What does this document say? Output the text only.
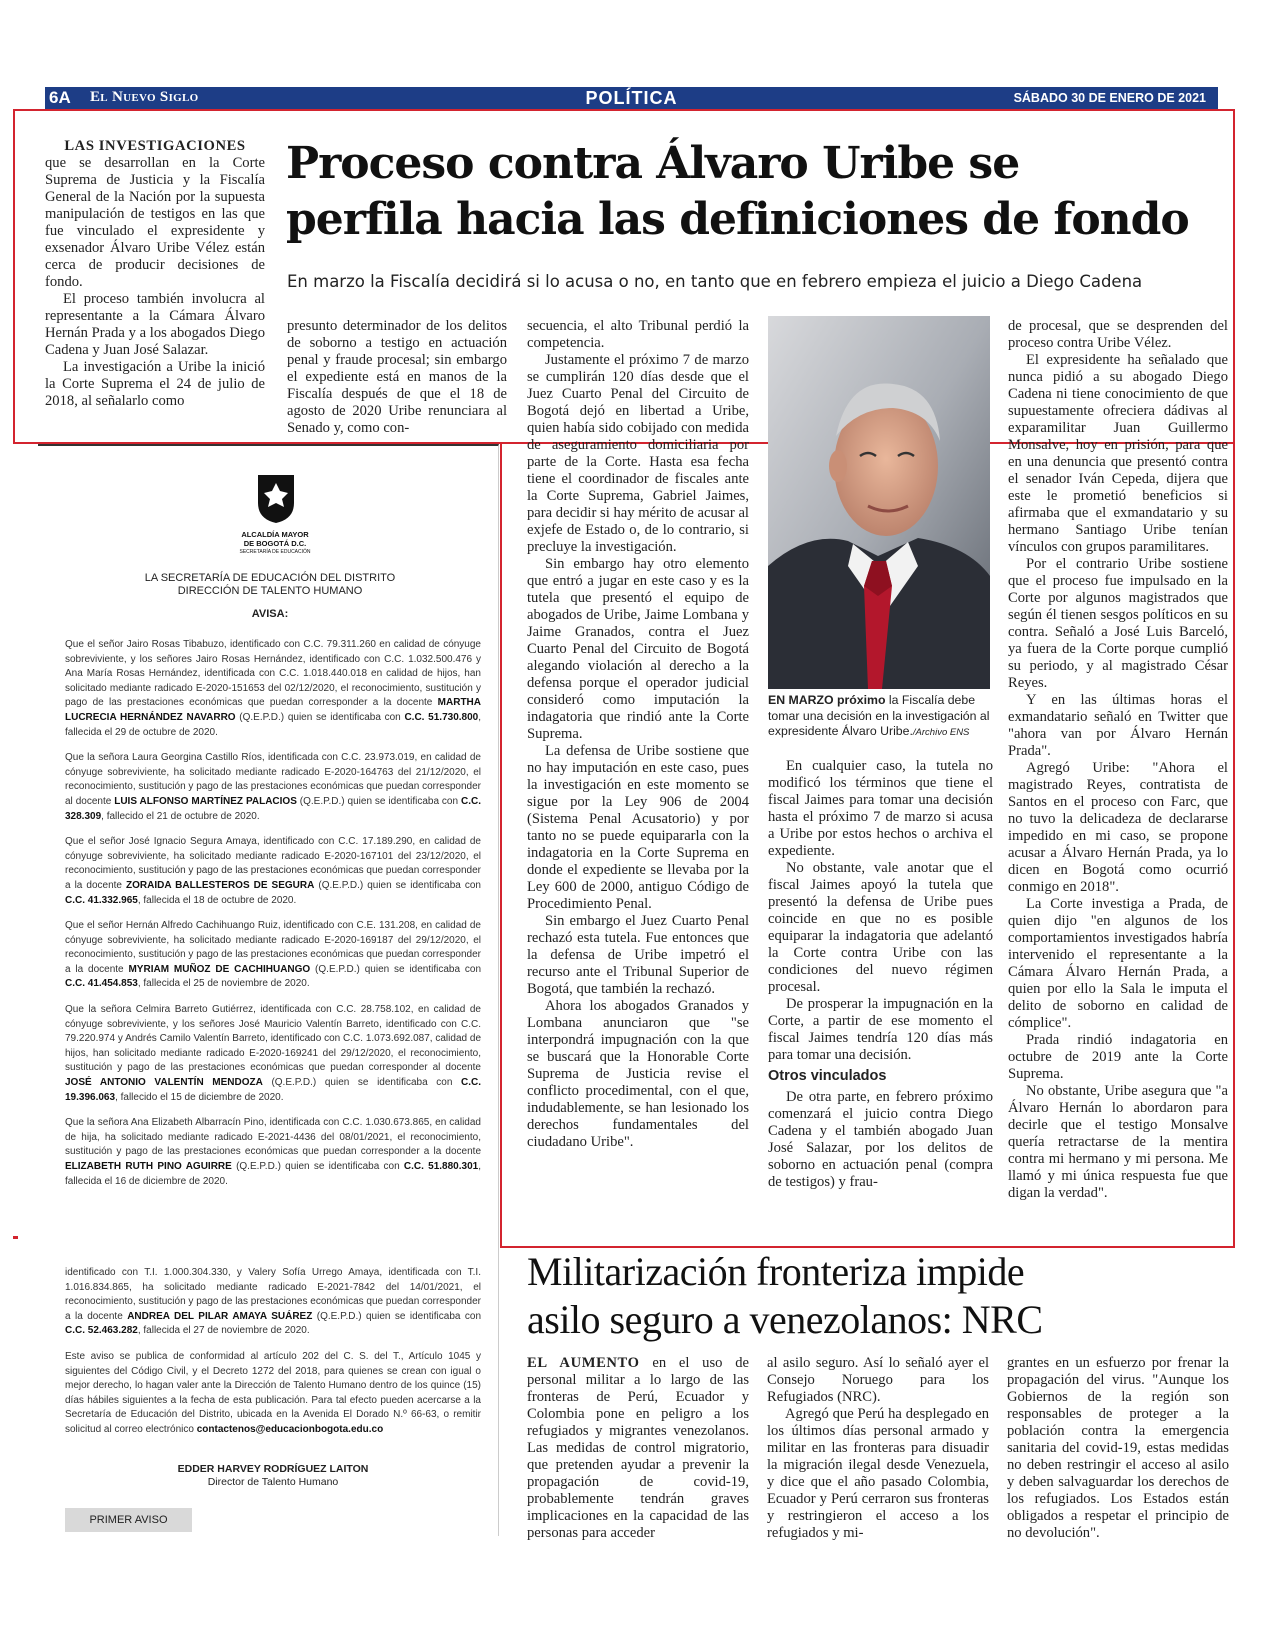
6A El Nuevo Siglo	POLÍTICA	SÁBADO 30 DE ENERO DE 2021
Proceso contra Álvaro Uribe se
perfila hacia las definiciones de fondo
En marzo la Fiscalía decidirá si lo acusa o no, en tanto que en febrero empieza el juicio a Diego Cadena

LAS INVESTIGACIONES

que se desarrollan en la Corte Suprema de Justicia y la Fiscalía General de la Nación por la supuesta manipulación de testigos en las que fue vinculado el expresidente y exsenador Álvaro Uribe Vélez están cerca de producir decisiones de fondo.

El proceso también involucra al representante a la Cámara Álvaro Hernán Prada y a los abogados Diego Cadena y Juan José Salazar.

La investigación a Uribe la inició la Corte Suprema el 24 de julio de 2018, al señalarlo como

presunto determinador de los delitos de soborno a testigo en actuación penal y fraude procesal; sin embargo el expediente está en manos de la Fiscalía después de que el 18 de agosto de 2020 Uribe renunciara al Senado y, como con-

secuencia, el alto Tribunal perdió la competencia.

Justamente el próximo 7 de marzo se cumplirán 120 días desde que el Juez Cuarto Penal del Circuito de Bogotá dejó en libertad a Uribe, quien había sido cobijado con medida de aseguramiento domiciliaria por parte de la Corte. Hasta esa fecha tiene el coordinador de fiscales ante la Corte Suprema, Gabriel Jaimes, para decidir si hay mérito de acusar al exjefe de Estado o, de lo contrario, si precluye la investigación.

Sin embargo hay otro elemento que entró a jugar en este caso y es la tutela que presentó el equipo de abogados de Uribe, Jaime Lombana y Jaime Granados, contra el Juez Cuarto Penal del Circuito de Bogotá alegando violación al derecho a la defensa porque el operador judicial consideró como imputación la indagatoria que rindió ante la Corte Suprema.

La defensa de Uribe sostiene que no hay imputación en este caso, pues la investigación en este momento se sigue por la Ley 906 de 2004 (Sistema Penal Acusatorio) y por tanto no se puede equipararla con la indagatoria en la Corte Suprema en donde el expediente se llevaba por la Ley 600 de 2000, antiguo Código de Procedimiento Penal.

Sin embargo el Juez Cuarto Penal rechazó esta tutela. Fue entonces que la defensa de Uribe impetró el recurso ante el Tribunal Superior de Bogotá, que también la rechazó.

Ahora los abogados Granados y Lombana anunciaron que "se interpondrá impugnación con la que se buscará que la Honorable Corte Suprema de Justicia revise el conflicto procedimental, con el que, indudablemente, se han lesionado los derechos fundamentales del ciudadano Uribe".

EN MARZO próximo la Fiscalía debe tomar una decisión en la investigación al expresidente Álvaro Uribe./Archivo ENS

En cualquier caso, la tutela no modificó los términos que tiene el fiscal Jaimes para tomar una decisión hasta el próximo 7 de marzo si acusa a Uribe por estos hechos o archiva el expediente.

No obstante, vale anotar que el fiscal Jaimes apoyó la tutela que presentó la defensa de Uribe pues coincide en que no es posible equiparar la indagatoria que adelantó la Corte contra Uribe con las condiciones del nuevo régimen procesal.

De prosperar la impugnación en la Corte, a partir de ese momento el fiscal Jaimes tendría 120 días más para tomar una decisión.

Otros vinculados

De otra parte, en febrero próximo comenzará el juicio contra Diego Cadena y el también abogado Juan José Salazar, por los delitos de soborno en actuación penal (compra de testigos) y frau-

de procesal, que se desprenden del proceso contra Uribe Vélez.

El expresidente ha señalado que nunca pidió a su abogado Diego Cadena ni tiene conocimiento de que supuestamente ofreciera dádivas al exparamilitar Juan Guillermo Monsalve, hoy en prisión, para que en una denuncia que presentó contra el senador Iván Cepeda, dijera que este le prometió beneficios si afirmaba que el exmandatario y su hermano Santiago Uribe tenían vínculos con grupos paramilitares.

Por el contrario Uribe sostiene que el proceso fue impulsado en la Corte por algunos magistrados que según él tienen sesgos políticos en su contra. Señaló a José Luis Barceló, ya fuera de la Corte porque cumplió su periodo, y al magistrado César Reyes.

Y en las últimas horas el exmandatario señaló en Twitter que "ahora van por Álvaro Hernán Prada".

Agregó Uribe: "Ahora el magistrado Reyes, contratista de Santos en el proceso con Farc, que no tuvo la delicadeza de declararse impedido en mi caso, se propone acusar a Álvaro Hernán Prada, ya lo dicen en Bogotá como ocurrió conmigo en 2018".

La Corte investiga a Prada, de quien dijo "en algunos de los comportamientos investigados habría intervenido el representante a la Cámara Álvaro Hernán Prada, a quien por ello la Sala le imputa el delito de soborno en calidad de cómplice".

Prada rindió indagatoria en octubre de 2019 ante la Corte Suprema.

No obstante, Uribe asegura que "a Álvaro Hernán lo abordaron para decirle que el testigo Monsalve quería retractarse de la mentira contra mi hermano y mi persona. Me llamó y mi única respuesta fue que digan la verdad".

ALCALDÍA MAYOR
DE BOGOTÁ D.C.
SECRETARÍA DE EDUCACIÓN
LA SECRETARÍA DE EDUCACIÓN DEL DISTRITO
DIRECCIÓN DE TALENTO HUMANO
AVISA:

Que el señor Jairo Rosas Tibabuzo, identificado con C.C. 79.311.260 en calidad de cónyuge sobreviviente, y los señores Jairo Rosas Hernández, identificado con C.C. 1.032.500.476 y Ana María Rosas Hernández, identificada con C.C. 1.018.440.018 en calidad de hijos, han solicitado mediante radicado E-2020-151653 del 02/12/2020, el reconocimiento, sustitución y pago de las prestaciones económicas que puedan corresponder a la docente MARTHA LUCRECIA HERNÁNDEZ NAVARRO (Q.E.P.D.) quien se identificaba con C.C. 51.730.800, fallecida el 29 de octubre de 2020.

Que la señora Laura Georgina Castillo Ríos, identificada con C.C. 23.973.019, en calidad de cónyuge sobreviviente, ha solicitado mediante radicado E-2020-164763 del 21/12/2020, el reconocimiento, sustitución y pago de las prestaciones económicas que puedan corresponder al docente LUIS ALFONSO MARTÍNEZ PALACIOS (Q.E.P.D.) quien se identificaba con C.C. 328.309, fallecido el 21 de octubre de 2020.

Que el señor José Ignacio Segura Amaya, identificado con C.C. 17.189.290, en calidad de cónyuge sobreviviente, ha solicitado mediante radicado E-2020-167101 del 23/12/2020, el reconocimiento, sustitución y pago de las prestaciones económicas que puedan corresponder a la docente ZORAIDA BALLESTEROS DE SEGURA (Q.E.P.D.) quien se identificaba con C.C. 41.332.965, fallecida el 18 de octubre de 2020.

Que el señor Hernán Alfredo Cachihuango Ruiz, identificado con C.E. 131.208, en calidad de cónyuge sobreviviente, ha solicitado mediante radicado E-2020-169187 del 29/12/2020, el reconocimiento, sustitución y pago de las prestaciones económicas que puedan corresponder a la docente MYRIAM MUÑOZ DE CACHIHUANGO (Q.E.P.D.) quien se identificaba con C.C. 41.454.853, fallecida el 25 de noviembre de 2020.

Que la señora Celmira Barreto Gutiérrez, identificada con C.C. 28.758.102, en calidad de cónyuge sobreviviente, y los señores José Mauricio Valentín Barreto, identificado con C.C. 79.220.974 y Andrés Camilo Valentín Barreto, identificado con C.C. 1.073.692.087, calidad de hijos, han solicitado mediante radicado E-2020-169241 del 29/12/2020, el reconocimiento, sustitución y pago de las prestaciones económicas que puedan corresponder al docente JOSÉ ANTONIO VALENTÍN MENDOZA (Q.E.P.D.) quien se identificaba con C.C. 19.396.063, fallecido el 15 de diciembre de 2020.

Que la señora Ana Elizabeth Albarracín Pino, identificada con C.C. 1.030.673.865, en calidad de hija, ha solicitado mediante radicado E-2021-4436 del 08/01/2021, el reconocimiento, sustitución y pago de las prestaciones económicas que puedan corresponder a la docente ELIZABETH RUTH PINO AGUIRRE (Q.E.P.D.) quien se identificaba con C.C. 51.880.301, fallecida el 16 de diciembre de 2020.

identificado con T.I. 1.000.304.330, y Valery Sofía Urrego Amaya, identificada con T.I. 1.016.834.865, ha solicitado mediante radicado E-2021-7842 del 14/01/2021, el reconocimiento, sustitución y pago de las prestaciones económicas que puedan corresponder a la docente ANDREA DEL PILAR AMAYA SUÁREZ (Q.E.P.D.) quien se identificaba con C.C. 52.463.282, fallecida el 27 de noviembre de 2020.

Este aviso se publica de conformidad al artículo 202 del C. S. del T., Artículo 1045 y siguientes del Código Civil, y el Decreto 1272 del 2018, para quienes se crean con igual o mejor derecho, lo hagan valer ante la Dirección de Talento Humano dentro de los quince (15) días hábiles siguientes a la fecha de esta publicación. Para tal efecto pueden acercarse a la Secretaría de Educación del Distrito, ubicada en la Avenida El Dorado N.º 66-63, o remitir solicitud al correo electrónico contactenos@educacionbogota.edu.co

EDDER HARVEY RODRÍGUEZ LAITON
Director de Talento Humano
PRIMER AVISO
Militarización fronteriza impide
asilo seguro a venezolanos: NRC

EL AUMENTO en el uso de personal militar a lo largo de las fronteras de Perú, Ecuador y Colombia pone en peligro a los refugiados y migrantes venezolanos. Las medidas de control migratorio, que pretenden ayudar a prevenir la propagación de covid-19, probablemente tendrán graves implicaciones en la capacidad de las personas para acceder

al asilo seguro. Así lo señaló ayer el Consejo Noruego para los Refugiados (NRC).

Agregó que Perú ha desplegado en los últimos días personal armado y militar en las fronteras para disuadir la migración ilegal desde Venezuela, y dice que el año pasado Colombia, Ecuador y Perú cerraron sus fronteras y restringieron el acceso a los refugiados y mi-

grantes en un esfuerzo por frenar la propagación del virus. "Aunque los Gobiernos de la región son responsables de proteger a la población contra la emergencia sanitaria del covid-19, estas medidas no deben restringir el acceso al asilo y deben salvaguardar los derechos de los refugiados. Los Estados están obligados a respetar el principio de no devolución".
